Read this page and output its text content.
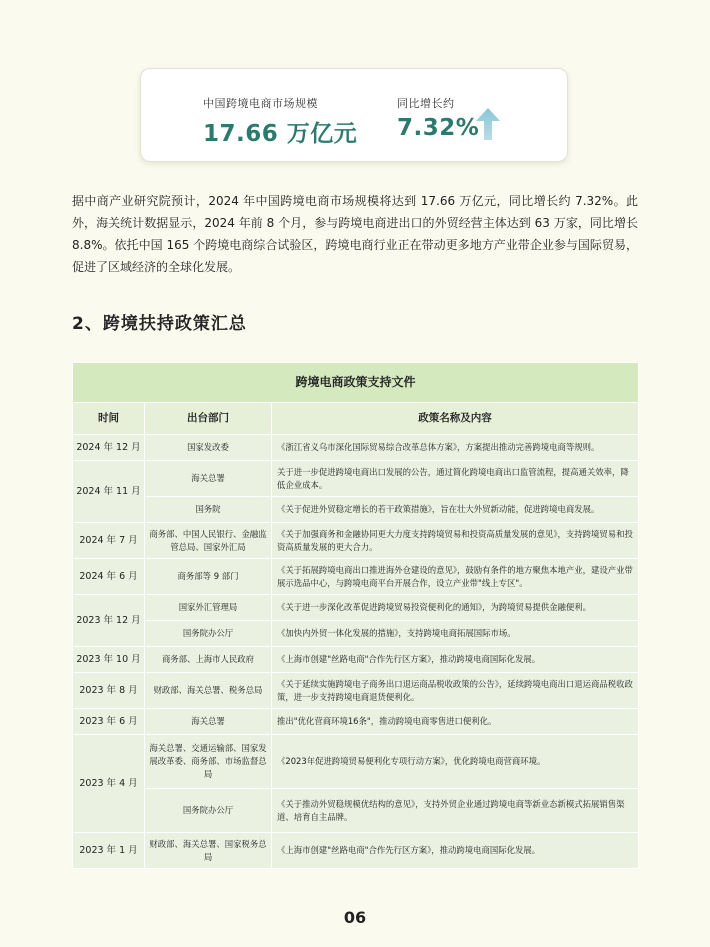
中国跨境电商市场规模
17.66 万亿元
同比增长约
7.32%

据中商产业研究院预计，2024 年中国跨境电商市场规模将达到 17.66 万亿元，同比增长约 7.32%。此外，海关统计数据显示，2024 年前 8 个月，参与跨境电商进出口的外贸经营主体达到 63 万家，同比增长 8.8%。依托中国 165 个跨境电商综合试验区，跨境电商行业正在带动更多地方产业带企业参与国际贸易，促进了区域经济的全球化发展。

2、跨境扶持政策汇总
跨境电商政策支持文件		
时间	出台部门	政策名称及内容
2024 年 12 月	国家发改委	《浙江省义乌市深化国际贸易综合改革总体方案》，方案提出推动完善跨境电商等规则。
2024 年 11 月	海关总署	关于进一步促进跨境电商出口发展的公告，通过简化跨境电商出口监管流程，提高通关效率，降低企业成本。
	国务院	《关于促进外贸稳定增长的若干政策措施》，旨在壮大外贸新动能，促进跨境电商发展。
2024 年 7 月	商务部、中国人民银行、金融监管总局、国家外汇局	《关于加强商务和金融协同更大力度支持跨境贸易和投资高质量发展的意见》，支持跨境贸易和投资高质量发展的更大合力。
2024 年 6 月	商务部等 9 部门	《关于拓展跨境电商出口推进海外仓建设的意见》，鼓励有条件的地方聚焦本地产业，建设产业带展示选品中心，与跨境电商平台开展合作，设立产业带"线上专区"。
2023 年 12 月	国家外汇管理局	《关于进一步深化改革促进跨境贸易投资便利化的通知》，为跨境贸易提供金融便利。
	国务院办公厅	《加快内外贸一体化发展的措施》，支持跨境电商拓展国际市场。
2023 年 10 月	商务部、上海市人民政府	《上海市创建"丝路电商"合作先行区方案》，推动跨境电商国际化发展。
2023 年 8 月	财政部、海关总署、税务总局	《关于延续实施跨境电子商务出口退运商品税收政策的公告》，延续跨境电商出口退运商品税收政策，进一步支持跨境电商退货便利化。
2023 年 6 月	海关总署	推出"优化营商环境16条"，推动跨境电商零售进口便利化。
2023 年 4 月	海关总署、交通运输部、国家发展改革委、商务部、市场监督总局	《2023年促进跨境贸易便利化专项行动方案》，优化跨境电商营商环境。
	国务院办公厅	《关于推动外贸稳规模优结构的意见》，支持外贸企业通过跨境电商等新业态新模式拓展销售渠道、培育自主品牌。
2023 年 1 月	财政部、海关总署、国家税务总局	《上海市创建"丝路电商"合作先行区方案》，推动跨境电商国际化发展。
06
